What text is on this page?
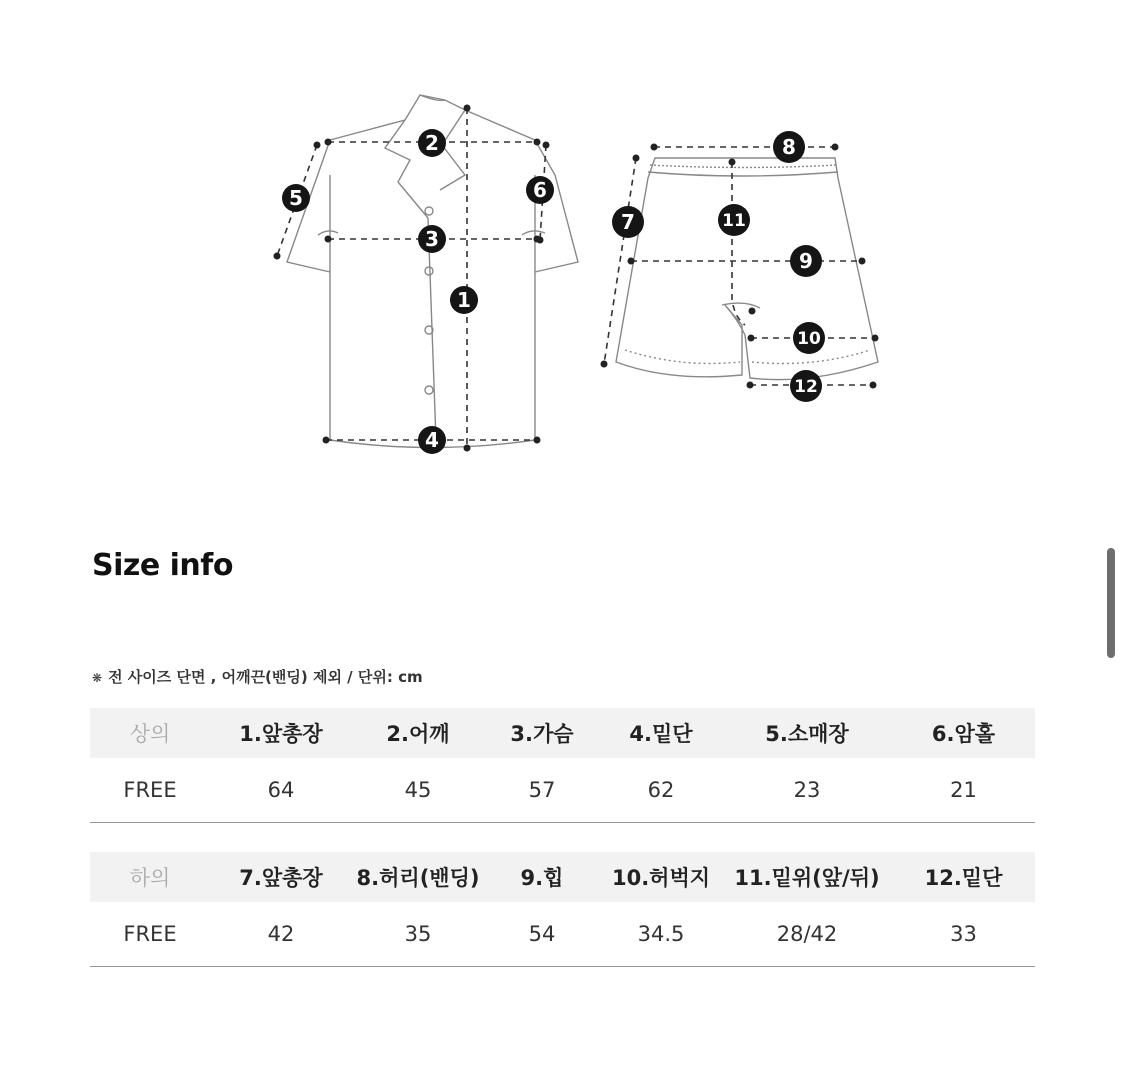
1
2
3
4
5	6
7
8
9
10
11
12
Size info
❋ 전 사이즈 단면 , 어깨끈(밴딩) 제외 / 단위: cm
상의	1.앞총장	2.어깨	3.가슴	4.밑단	5.소매장	6.암홀
FREE	64	45	57	62	23	21
하의	7.앞총장	8.허리(밴딩)	9.힙	10.허벅지	11.밑위(앞/뒤)	12.밑단
FREE	42	35	54	34.5	28/42	33
